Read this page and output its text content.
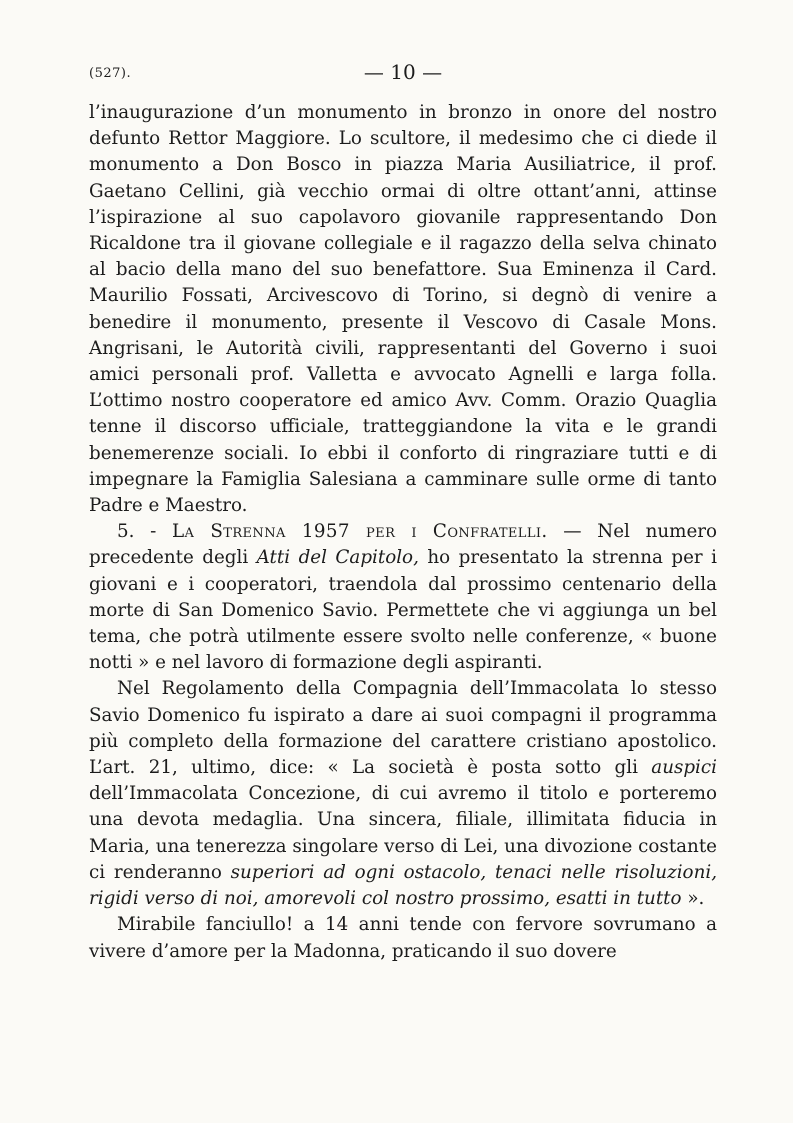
(527).	— 10 —

l’inaugurazione d’un monumento in bronzo in onore del nostro defunto Rettor Maggiore. Lo scultore, il medesimo che ci diede il monumento a Don Bosco in piazza Maria Ausiliatrice, il prof. Gaetano Cellini, già vecchio ormai di oltre ottant’anni, attinse l’ispirazione al suo capolavoro giovanile rappresentando Don Ricaldone tra il giovane collegiale e il ragazzo della selva chinato al bacio della mano del suo benefattore. Sua Eminenza il Card. Maurilio Fossati, Arcivescovo di Torino, si degnò di venire a benedire il monumento, presente il Vescovo di Casale Mons. Angrisani, le Autorità civili, rappresentanti del Governo i suoi amici personali prof. Valletta e avvocato Agnelli e larga folla. L’ottimo nostro cooperatore ed amico Avv. Comm. Orazio Quaglia tenne il discorso ufficiale, tratteggiandone la vita e le grandi benemerenze sociali. Io ebbi il conforto di ringraziare tutti e di impegnare la Famiglia Salesiana a camminare sulle orme di tanto Padre e Maestro.

5. - La Strenna 1957 per i Confratelli. — Nel numero precedente degli Atti del Capitolo, ho presentato la strenna per i giovani e i cooperatori, traendola dal prossimo centenario della morte di San Domenico Savio. Permettete che vi aggiunga un bel tema, che potrà utilmente essere svolto nelle conferenze, « buone notti » e nel lavoro di formazione degli aspiranti.

Nel Regolamento della Compagnia dell’Immacolata lo stesso Savio Domenico fu ispirato a dare ai suoi compagni il programma più completo della formazione del carattere cristiano apostolico. L’art. 21, ultimo, dice: « La società è posta sotto gli auspici dell’Immacolata Concezione, di cui avremo il titolo e porteremo una devota medaglia. Una sincera, filiale, illimitata fiducia in Maria, una tenerezza singolare verso di Lei, una divozione costante ci renderanno superiori ad ogni ostacolo, tenaci nelle risoluzioni, rigidi verso di noi, amorevoli col nostro prossimo, esatti in tutto ».

Mirabile fanciullo! a 14 anni tende con fervore sovrumano a vivere d’amore per la Madonna, praticando il suo dovere
